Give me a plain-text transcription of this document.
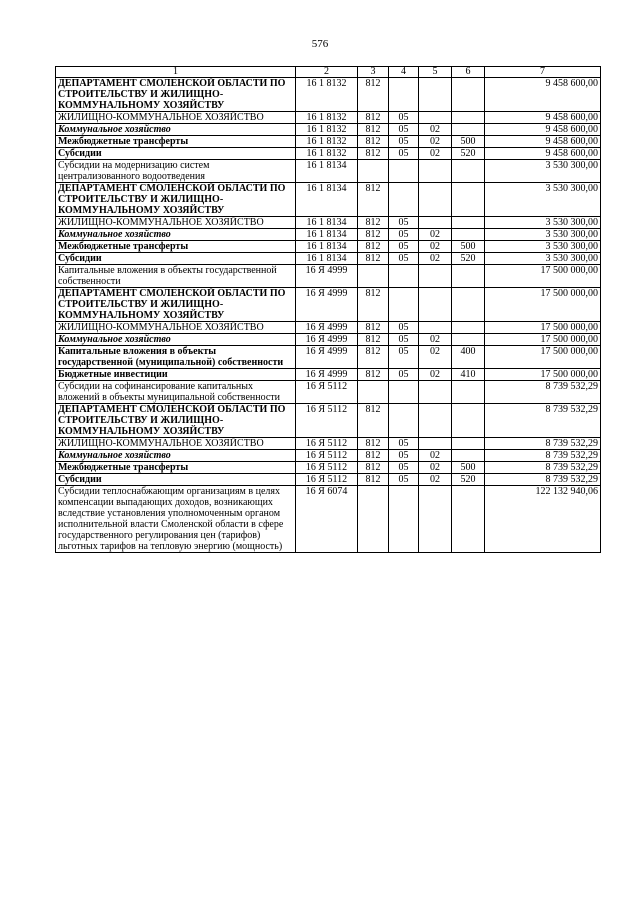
576
1	2	3	4	5	6	7
ДЕПАРТАМЕНТ СМОЛЕНСКОЙ ОБЛАСТИ ПО СТРОИТЕЛЬСТВУ И ЖИЛИЩНО-КОММУНАЛЬНОМУ ХОЗЯЙСТВУ	16 1 8132	812				9 458 600,00
ЖИЛИЩНО-КОММУНАЛЬНОЕ ХОЗЯЙСТВО	16 1 8132	812	05			9 458 600,00
Коммунальное хозяйство	16 1 8132	812	05	02		9 458 600,00
Межбюджетные трансферты	16 1 8132	812	05	02	500	9 458 600,00
Субсидии	16 1 8132	812	05	02	520	9 458 600,00
Субсидии на модернизацию систем централизованного водоотведения	16 1 8134					3 530 300,00
ДЕПАРТАМЕНТ СМОЛЕНСКОЙ ОБЛАСТИ ПО СТРОИТЕЛЬСТВУ И ЖИЛИЩНО-КОММУНАЛЬНОМУ ХОЗЯЙСТВУ	16 1 8134	812				3 530 300,00
ЖИЛИЩНО-КОММУНАЛЬНОЕ ХОЗЯЙСТВО	16 1 8134	812	05			3 530 300,00
Коммунальное хозяйство	16 1 8134	812	05	02		3 530 300,00
Межбюджетные трансферты	16 1 8134	812	05	02	500	3 530 300,00
Субсидии	16 1 8134	812	05	02	520	3 530 300,00
Капитальные вложения в объекты государственной собственности	16 Я 4999					17 500 000,00
ДЕПАРТАМЕНТ СМОЛЕНСКОЙ ОБЛАСТИ ПО СТРОИТЕЛЬСТВУ И ЖИЛИЩНО-КОММУНАЛЬНОМУ ХОЗЯЙСТВУ	16 Я 4999	812				17 500 000,00
ЖИЛИЩНО-КОММУНАЛЬНОЕ ХОЗЯЙСТВО	16 Я 4999	812	05			17 500 000,00
Коммунальное хозяйство	16 Я 4999	812	05	02		17 500 000,00
Капитальные вложения в объекты государственной (муниципальной) собственности	16 Я 4999	812	05	02	400	17 500 000,00
Бюджетные инвестиции	16 Я 4999	812	05	02	410	17 500 000,00
Субсидии на софинансирование капитальных вложений в объекты муниципальной собственности	16 Я 5112					8 739 532,29
ДЕПАРТАМЕНТ СМОЛЕНСКОЙ ОБЛАСТИ ПО СТРОИТЕЛЬСТВУ И ЖИЛИЩНО-КОММУНАЛЬНОМУ ХОЗЯЙСТВУ	16 Я 5112	812				8 739 532,29
ЖИЛИЩНО-КОММУНАЛЬНОЕ ХОЗЯЙСТВО	16 Я 5112	812	05			8 739 532,29
Коммунальное хозяйство	16 Я 5112	812	05	02		8 739 532,29
Межбюджетные трансферты	16 Я 5112	812	05	02	500	8 739 532,29
Субсидии	16 Я 5112	812	05	02	520	8 739 532,29
Субсидии теплоснабжающим организациям в целях компенсации выпадающих доходов, возникающих вследствие установления уполномоченным органом исполнительной власти Смоленской области в сфере государственного регулирования цен (тарифов) льготных тарифов на тепловую энергию (мощность)	16 Я 6074					122 132 940,06
